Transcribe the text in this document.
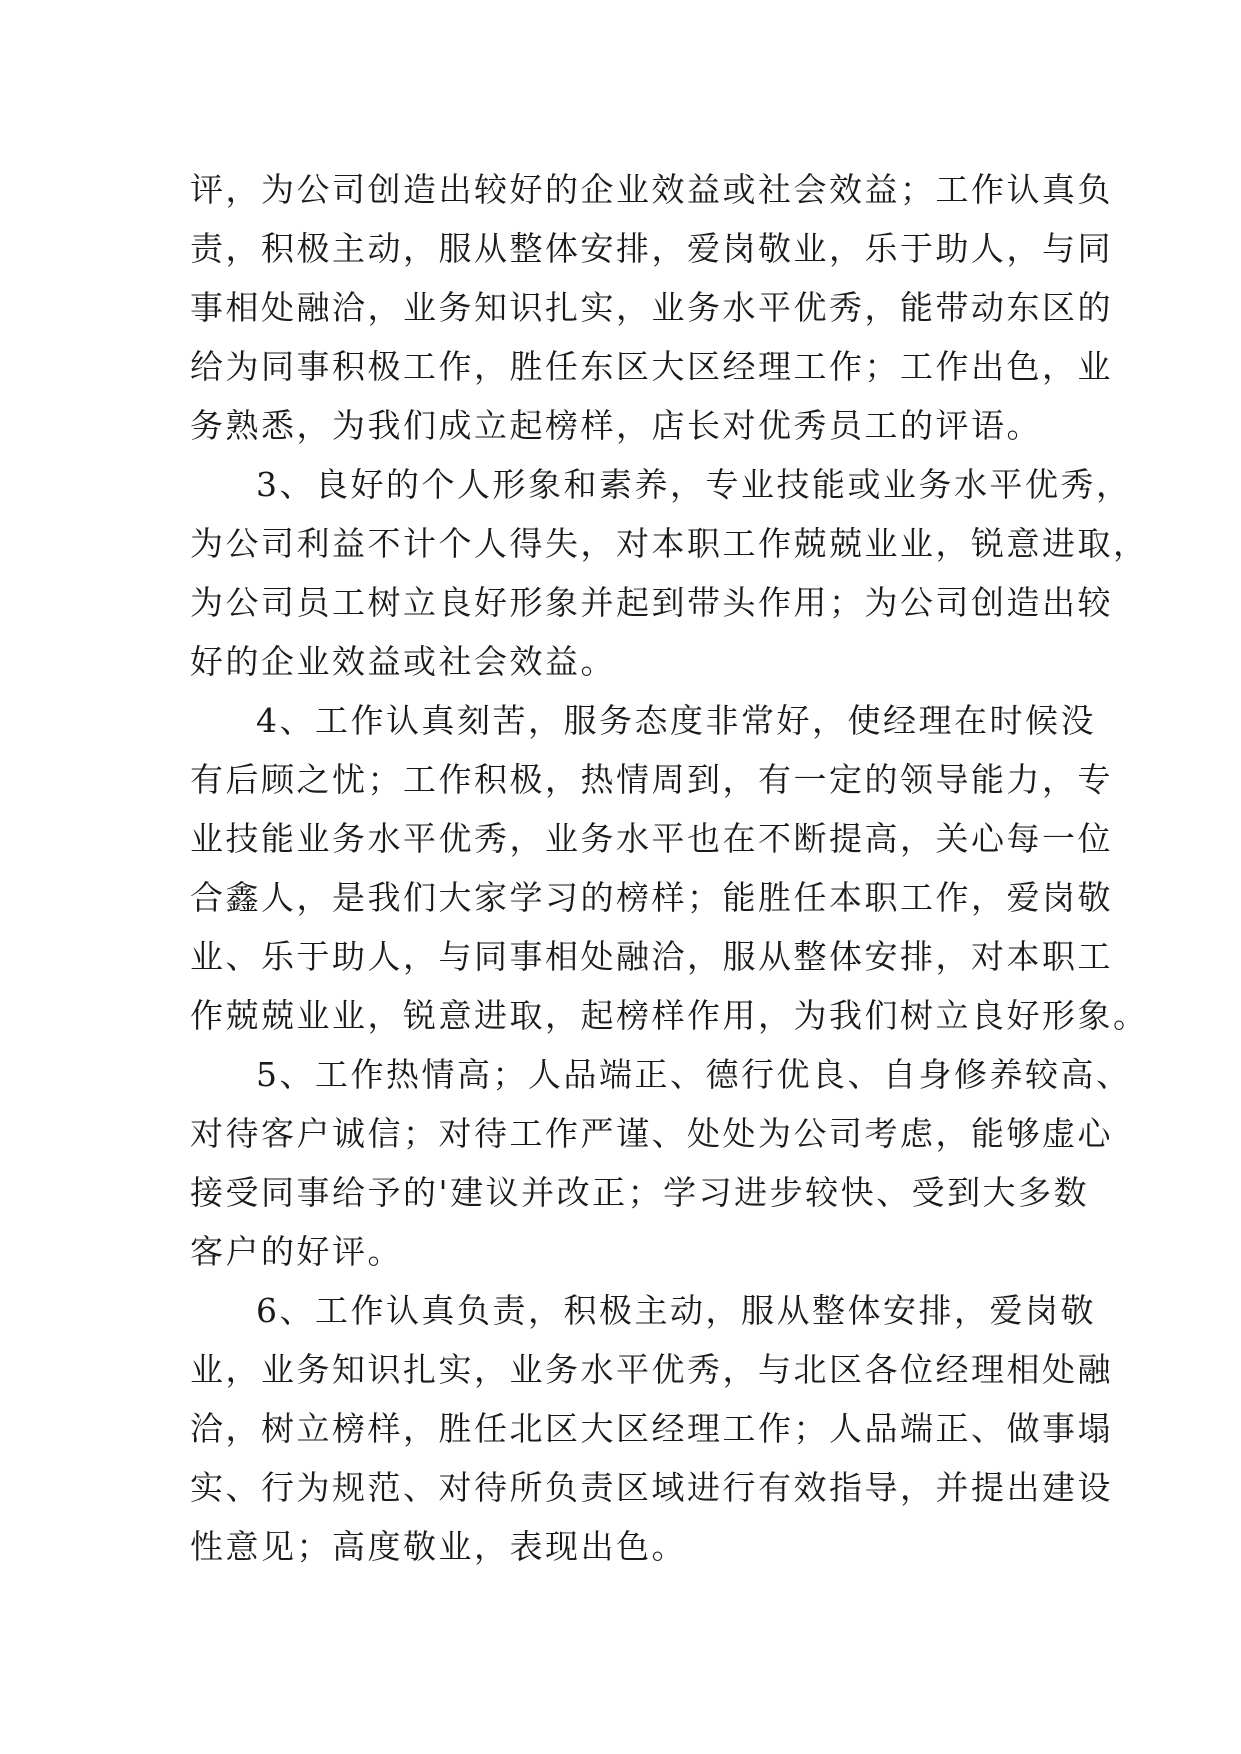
评，为公司创造出较好的企业效益或社会效益；工作认真负
责，积极主动，服从整体安排，爱岗敬业，乐于助人，与同
事相处融洽，业务知识扎实，业务水平优秀，能带动东区的
给为同事积极工作，胜任东区大区经理工作；工作出色，业
务熟悉，为我们成立起榜样，店长对优秀员工的评语。
3、良好的个人形象和素养，专业技能或业务水平优秀，
为公司利益不计个人得失，对本职工作兢兢业业，锐意进取，
为公司员工树立良好形象并起到带头作用；为公司创造出较
好的企业效益或社会效益。
4、工作认真刻苦，服务态度非常好，使经理在时候没
有后顾之忧；工作积极，热情周到，有一定的领导能力，专
业技能业务水平优秀，业务水平也在不断提高，关心每一位
合鑫人，是我们大家学习的榜样；能胜任本职工作，爱岗敬
业、乐于助人，与同事相处融洽，服从整体安排，对本职工
作兢兢业业，锐意进取，起榜样作用，为我们树立良好形象。
5、工作热情高；人品端正、德行优良、自身修养较高、
对待客户诚信；对待工作严谨、处处为公司考虑，能够虚心
接受同事给予的'建议并改正；学习进步较快、受到大多数
客户的好评。
6、工作认真负责，积极主动，服从整体安排，爱岗敬
业，业务知识扎实，业务水平优秀，与北区各位经理相处融
洽，树立榜样，胜任北区大区经理工作；人品端正、做事塌
实、行为规范、对待所负责区域进行有效指导，并提出建设
性意见；高度敬业，表现出色。
